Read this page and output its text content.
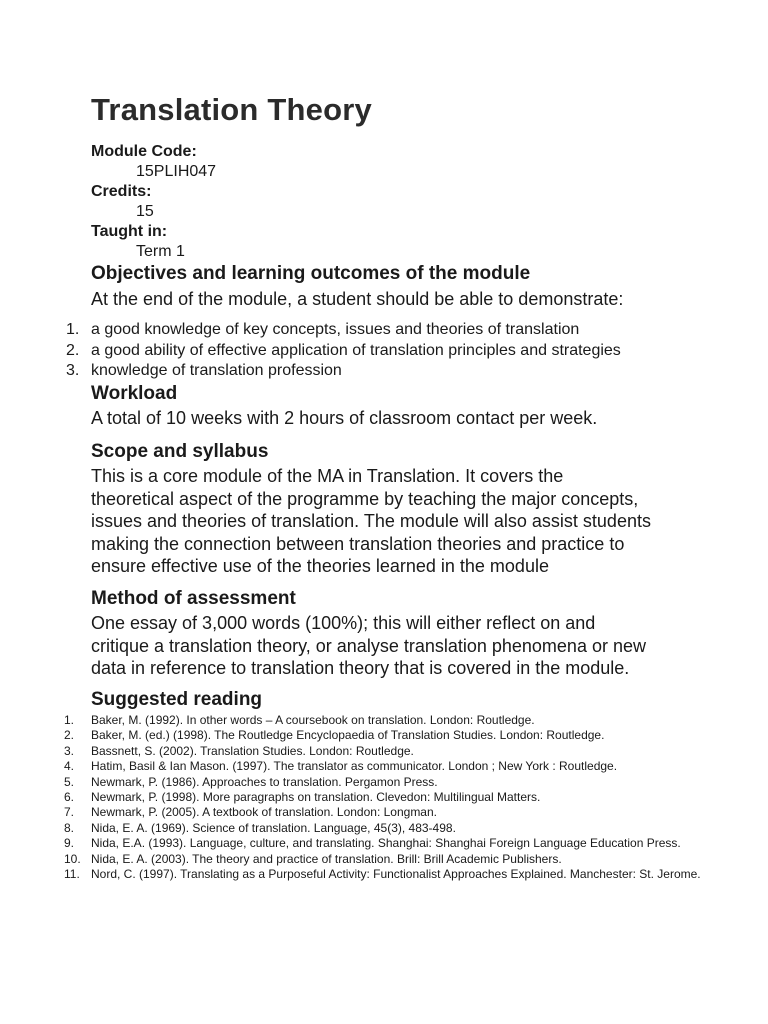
Translation Theory
Module Code:
15PLIH047
Credits:
15
Taught in:
Term 1
Objectives and learning outcomes of the module

At the end of the module, a student should be able to demonstrate:

1. a good knowledge of key concepts, issues and theories of translation
2. a good ability of effective application of translation principles and strategies
3. knowledge of translation profession
Workload

A total of 10 weeks with 2 hours of classroom contact per week.

Scope and syllabus
This is a core module of the MA in Translation. It covers the
theoretical aspect of the programme by teaching the major concepts,
issues and theories of translation. The module will also assist students
making the connection between translation theories and practice to
ensure effective use of the theories learned in the module
Method of assessment
One essay of 3,000 words (100%); this will either reflect on and
critique a translation theory, or analyse translation phenomena or new
data in reference to translation theory that is covered in the module.
Suggested reading
1. Baker, M. (1992). In other words – A coursebook on translation. London: Routledge.
2. Baker, M. (ed.) (1998). The Routledge Encyclopaedia of Translation Studies. London: Routledge.
3. Bassnett, S. (2002). Translation Studies. London: Routledge.
4. Hatim, Basil & Ian Mason. (1997). The translator as communicator. London ; New York : Routledge.
5. Newmark, P. (1986). Approaches to translation. Pergamon Press.
6. Newmark, P. (1998). More paragraphs on translation. Clevedon: Multilingual Matters.
7. Newmark, P. (2005). A textbook of translation. London: Longman.
8. Nida, E. A. (1969). Science of translation. Language, 45(3), 483-498.
9. Nida, E.A. (1993). Language, culture, and translating. Shanghai: Shanghai Foreign Language Education Press.
10. Nida, E. A. (2003). The theory and practice of translation. Brill: Brill Academic Publishers.
11. Nord, C. (1997). Translating as a Purposeful Activity: Functionalist Approaches Explained. Manchester: St. Jerome.
